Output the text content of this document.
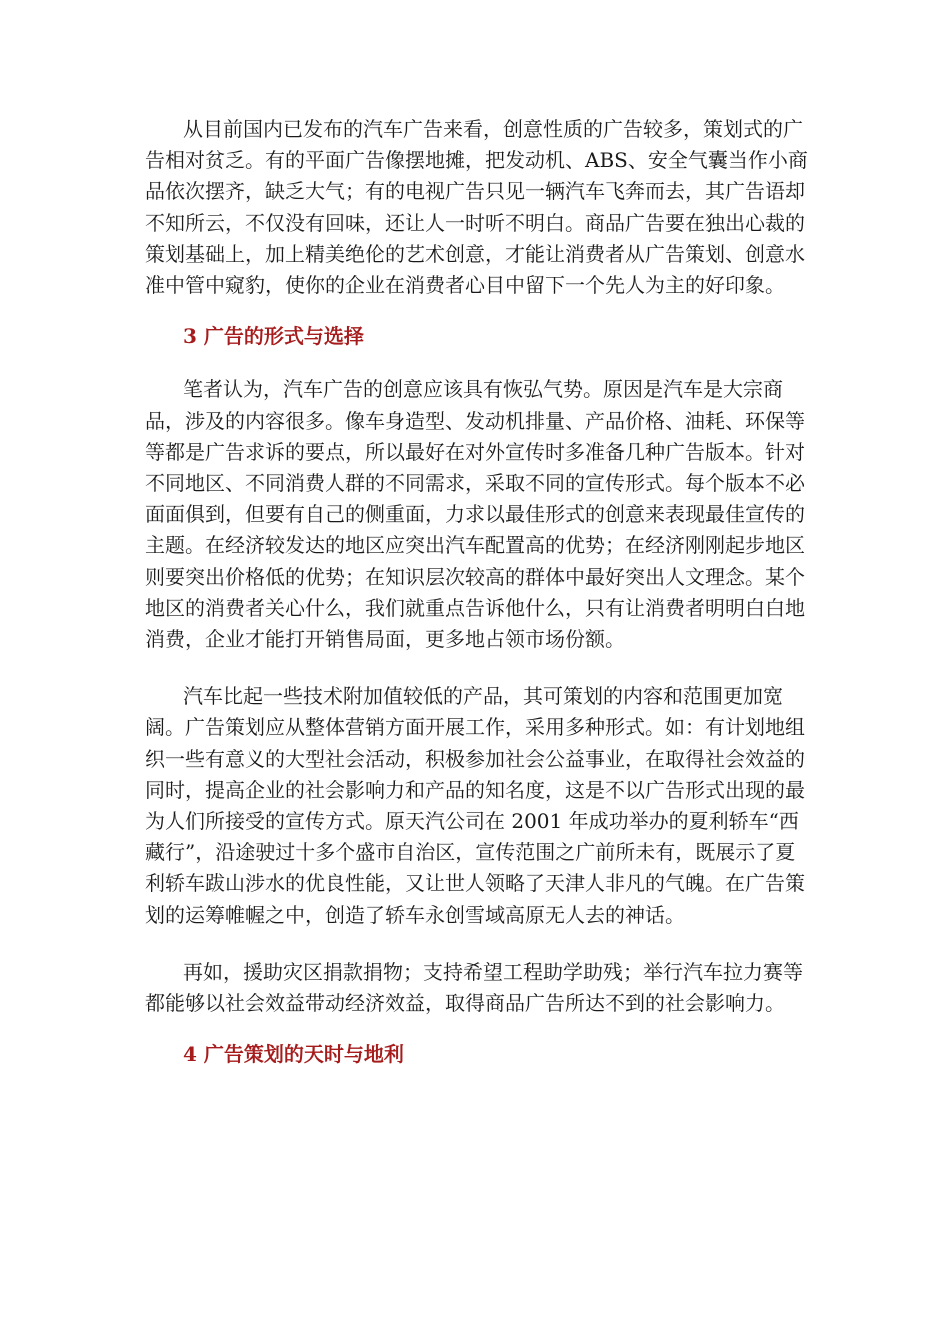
从目前国内已发布的汽车广告来看，创意性质的广告较多，策划式的广告相对贫乏。有的平面广告像摆地摊，把发动机、ABS、安全气囊当作小商品依次摆齐，缺乏大气；有的电视广告只见一辆汽车飞奔而去，其广告语却不知所云，不仅没有回味，还让人一时听不明白。商品广告要在独出心裁的策划基础上，加上精美绝伦的艺术创意，才能让消费者从广告策划、创意水准中管中窥豹，使你的企业在消费者心目中留下一个先人为主的好印象。

3 广告的形式与选择

笔者认为，汽车广告的创意应该具有恢弘气势。原因是汽车是大宗商品，涉及的内容很多。像车身造型、发动机排量、产品价格、油耗、环保等等都是广告求诉的要点，所以最好在对外宣传时多准备几种广告版本。针对不同地区、不同消费人群的不同需求，采取不同的宣传形式。每个版本不必面面俱到，但要有自己的侧重面，力求以最佳形式的创意来表现最佳宣传的主题。在经济较发达的地区应突出汽车配置高的优势；在经济刚刚起步地区则要突出价格低的优势；在知识层次较高的群体中最好突出人文理念。某个地区的消费者关心什么，我们就重点告诉他什么，只有让消费者明明白白地消费，企业才能打开销售局面，更多地占领市场份额。

汽车比起一些技术附加值较低的产品，其可策划的内容和范围更加宽阔。广告策划应从整体营销方面开展工作，采用多种形式。如：有计划地组织一些有意义的大型社会活动，积极参加社会公益事业，在取得社会效益的同时，提高企业的社会影响力和产品的知名度，这是不以广告形式出现的最为人们所接受的宣传方式。原天汽公司在 2001 年成功举办的夏利轿车“西藏行”，沿途驶过十多个盛市自治区，宣传范围之广前所未有，既展示了夏利轿车跋山涉水的优良性能，又让世人领略了天津人非凡的气魄。在广告策划的运筹帷幄之中，创造了轿车永创雪域高原无人去的神话。

再如，援助灾区捐款捐物；支持希望工程助学助残；举行汽车拉力赛等都能够以社会效益带动经济效益，取得商品广告所达不到的社会影响力。

4 广告策划的天时与地利
